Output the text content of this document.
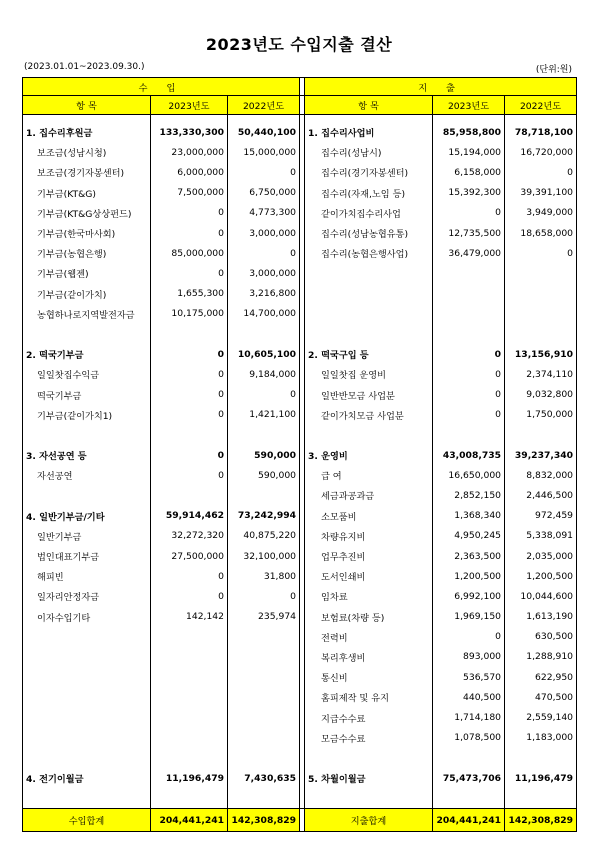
2023년도 수입지출 결산
(2023.01.01~2023.09.30.)	(단위:원)
수 입				지 출		
항 목	2023년도	2022년도		항 목	2023년도	2022년도

1. 집수리후원금	133,330,300	50,440,100		1. 집수리사업비	85,958,800	78,718,100
보조금(성남시청)	23,000,000	15,000,000		집수리(성남시)	15,194,000	16,720,000
보조금(경기자봉센터)	6,000,000	0		집수리(경기자봉센터)	6,158,000	0
기부금(KT&G)	7,500,000	6,750,000		집수리(자재,노임 등)	15,392,300	39,391,100
기부금(KT&G상상펀드)	0	4,773,300		같이가치집수리사업	0	3,949,000
기부금(한국마사회)	0	3,000,000		집수리(성남농협유통)	12,735,500	18,658,000
기부금(농협은행)	85,000,000	0		집수리(농협은행사업)	36,479,000	0
기부금(웹젠)	0	3,000,000				
기부금(같이가치)	1,655,300	3,216,800				
농협하나로지역발전자금	10,175,000	14,700,000				

2. 떡국기부금	0	10,605,100		2. 떡국구입 등	0	13,156,910
일일찻집수익금	0	9,184,000		일일찻집 운영비	0	2,374,110
떡국기부금	0	0		일반반모금 사업분	0	9,032,800
기부금(같이가치1)	0	1,421,100		같이가치모금 사업분	0	1,750,000

3. 자선공연 등	0	590,000		3. 운영비	43,008,735	39,237,340
자선공연	0	590,000		급 여	16,650,000	8,832,000
				세금과공과금	2,852,150	2,446,500
4. 일반기부금/기타	59,914,462	73,242,994		소모품비	1,368,340	972,459
일반기부금	32,272,320	40,875,220		차량유지비	4,950,245	5,338,091
법인대표기부금	27,500,000	32,100,000		업무추진비	2,363,500	2,035,000
해피빈	0	31,800		도서인쇄비	1,200,500	1,200,500
일자리안정자금	0	0		임차료	6,992,100	10,044,600
이자수입기타	142,142	235,974		보험료(차량 등)	1,969,150	1,613,190
				전력비	0	630,500
				복리후생비	893,000	1,288,910
				통신비	536,570	622,950
				홈피제작 및 유지	440,500	470,500
				지급수수료	1,714,180	2,559,140
				모금수수료	1,078,500	1,183,000

4. 전기이월금	11,196,479	7,430,635		5. 차월이월금	75,473,706	11,196,479

수입합계	204,441,241	142,308,829		지출합계	204,441,241	142,308,829
